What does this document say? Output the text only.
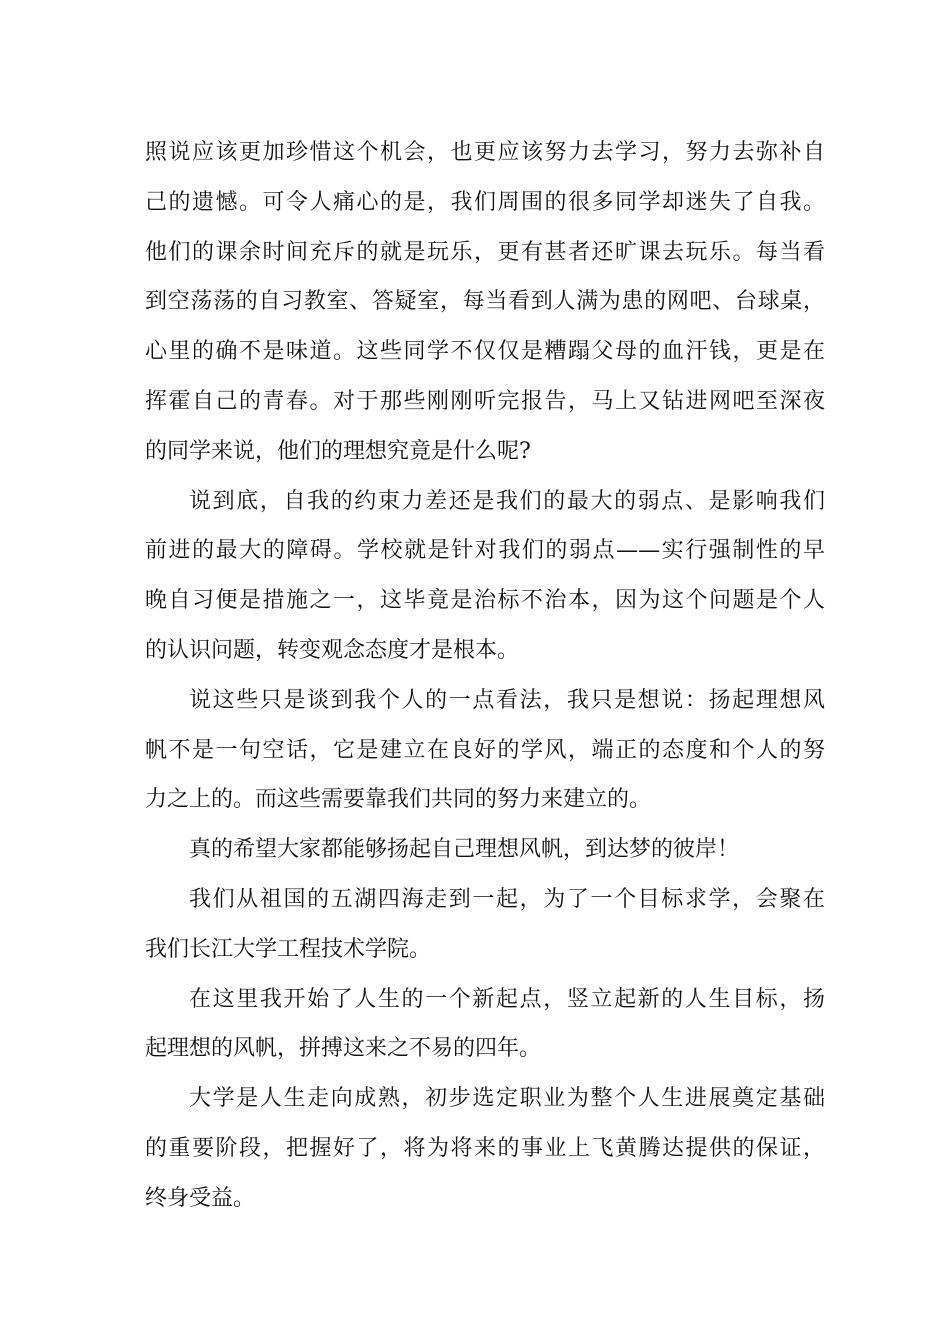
照说应该更加珍惜这个机会，也更应该努力去学习，努力去弥补自
己的遗憾。可令人痛心的是，我们周围的很多同学却迷失了自我。
他们的课余时间充斥的就是玩乐，更有甚者还旷课去玩乐。每当看
到空荡荡的自习教室、答疑室，每当看到人满为患的网吧、台球桌，
心里的确不是味道。这些同学不仅仅是糟蹋父母的血汗钱，更是在
挥霍自己的青春。对于那些刚刚听完报告，马上又钻进网吧至深夜
的同学来说，他们的理想究竟是什么呢?
说到底，自我的约束力差还是我们的最大的弱点、是影响我们
前进的最大的障碍。学校就是针对我们的弱点——实行强制性的早
晚自习便是措施之一，这毕竟是治标不治本，因为这个问题是个人
的认识问题，转变观念态度才是根本。
说这些只是谈到我个人的一点看法，我只是想说：扬起理想风
帆不是一句空话，它是建立在良好的学风，端正的态度和个人的努
力之上的。而这些需要靠我们共同的努力来建立的。
真的希望大家都能够扬起自己理想风帆，到达梦的彼岸！
我们从祖国的五湖四海走到一起，为了一个目标求学，会聚在
我们长江大学工程技术学院。
在这里我开始了人生的一个新起点，竖立起新的人生目标，扬
起理想的风帆，拼搏这来之不易的四年。
大学是人生走向成熟，初步选定职业为整个人生进展奠定基础
的重要阶段，把握好了，将为将来的事业上飞黄腾达提供的保证，
终身受益。
